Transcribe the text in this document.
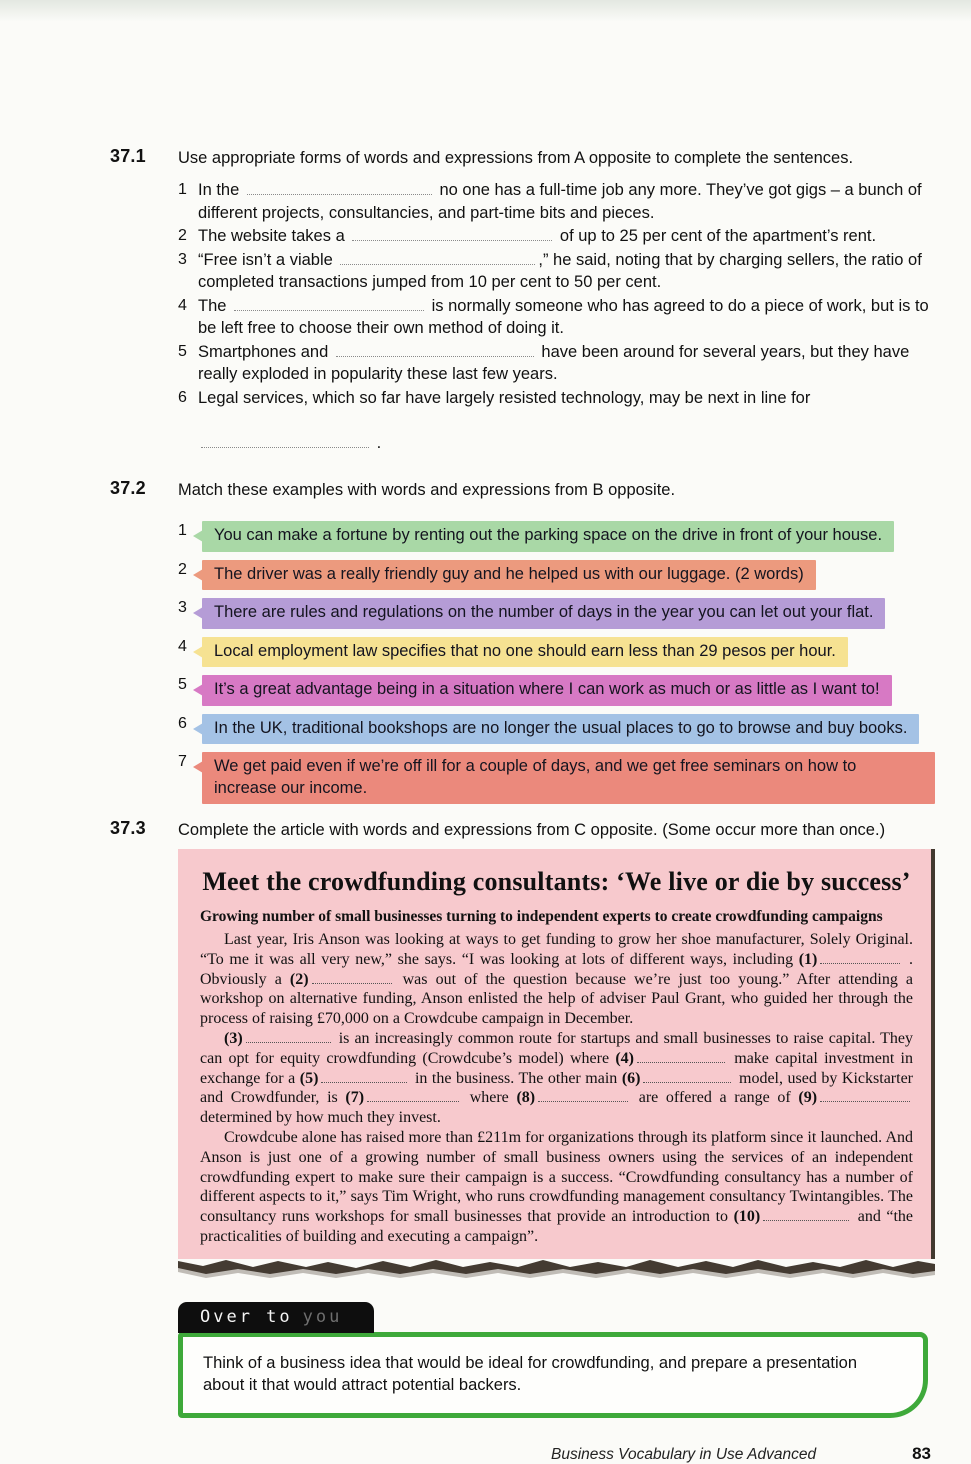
37.1	Use appropriate forms of words and expressions from A opposite to complete the sentences.
1 In the	no one has a full-time job any more. They’ve got gigs – a bunch of different projects, consultancies, and part-time bits and pieces.
2 The website takes a	of up to 25 per cent of the apartment’s rent.
3 “Free isn’t a viable	,” he said, noting that by charging sellers, the ratio of completed transactions jumped from 10 per cent to 50 per cent.
4 The	is normally someone who has agreed to do a piece of work, but is to be left free to choose their own method of doing it.
5 Smartphones and	have been around for several years, but they have really exploded in popularity these last few years.
6 Legal services, which so far have largely resisted technology, may be next in line for

.
37.2	Match these examples with words and expressions from B opposite.
1	You can make a fortune by renting out the parking space on the drive in front of your house.
2	The driver was a really friendly guy and he helped us with our luggage. (2 words)
3	There are rules and regulations on the number of days in the year you can let out your flat.
4	Local employment law specifies that no one should earn less than 29 pesos per hour.
5	It’s a great advantage being in a situation where I can work as much or as little as I want to!
6	In the UK, traditional bookshops are no longer the usual places to go to browse and buy books.
7	We get paid even if we’re off ill for a couple of days, and we get free seminars on how to increase our income.
37.3	Complete the article with words and expressions from C opposite. (Some occur more than once.)
Meet the crowdfunding consultants: ‘We live or die by success’
Growing number of small businesses turning to independent experts to create crowdfunding campaigns

Last year, Iris Anson was looking at ways to get funding to grow her shoe manufacturer, Solely Original. “To me it was all very new,” she says. “I was looking at lots of different ways, including (1)	. Obviously a (2)	was out of the question because we’re just too young.” After attending a workshop on alternative funding, Anson enlisted the help of adviser Paul Grant, who guided her through the process of raising £70,000 on a Crowdcube campaign in December.

(3)	is an increasingly common route for startups and small businesses to raise capital. They can opt for equity crowdfunding (Crowdcube’s model) where (4)	make capital investment in exchange for a (5)	in the business. The other main (6)	model, used by Kickstarter and Crowdfunder, is (7)	where (8)	are offered a range of (9) determined by how much they invest.

Crowdcube alone has raised more than £211m for organizations through its platform since it launched. And Anson is just one of a growing number of small business owners using the services of an independent crowdfunding expert to make sure their campaign is a success. “Crowdfunding consultancy has a number of different aspects to it,” says Tim Wright, who runs crowdfunding management consultancy Twintangibles. The consultancy runs workshops for small businesses that provide an introduction to (10)	and “the practicalities of building and executing a campaign”.

Over to you
Think of a business idea that would be ideal for crowdfunding, and prepare a presentation about it that would attract potential backers.
Business Vocabulary in Use Advanced	83
